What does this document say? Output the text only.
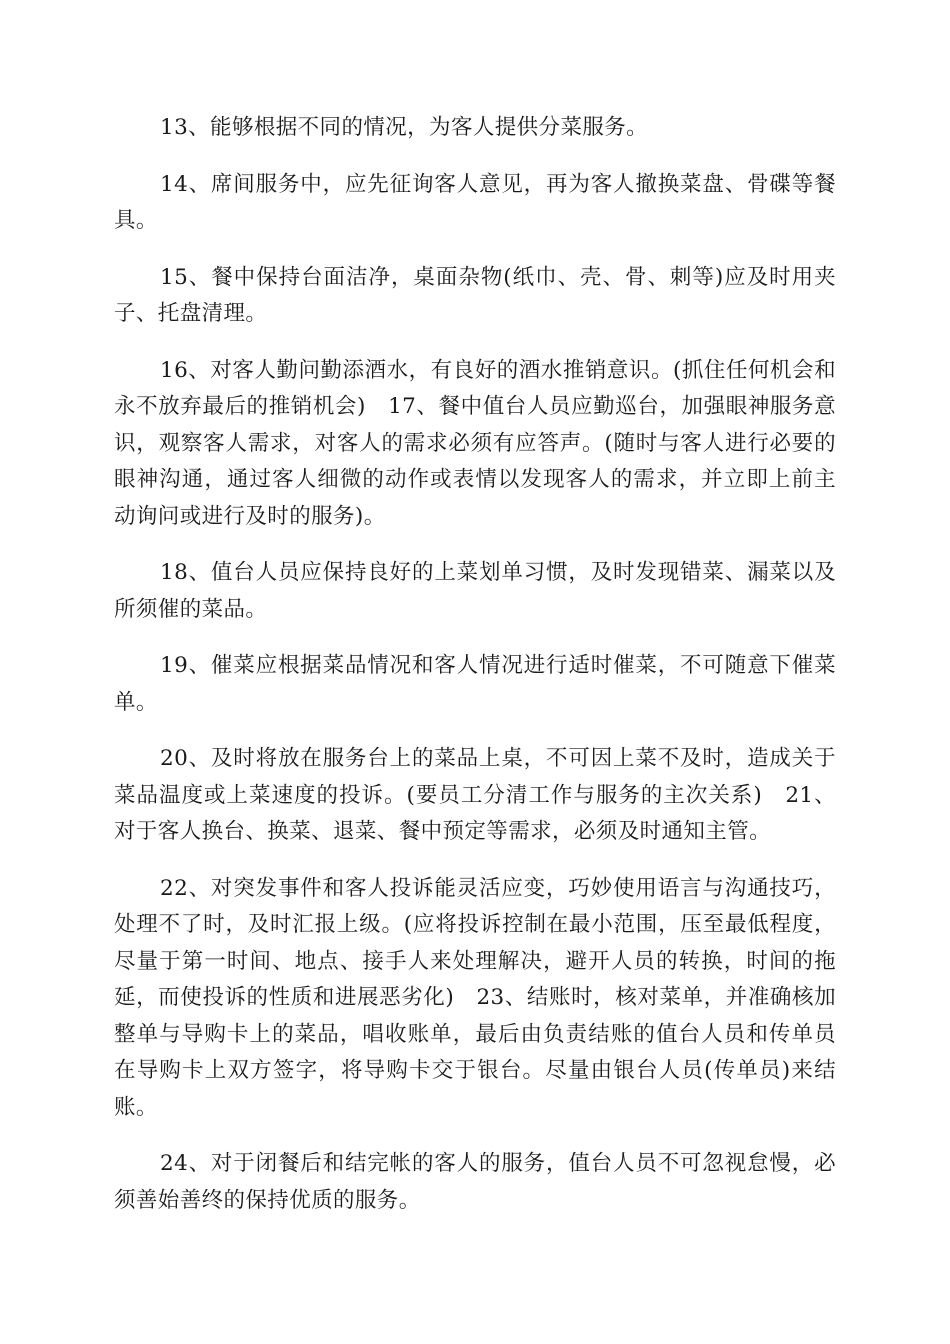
13、能够根据不同的情况，为客人提供分菜服务。

14、席间服务中，应先征询客人意见，再为客人撤换菜盘、骨碟等餐具。

15、餐中保持台面洁净，桌面杂物(纸巾、壳、骨、刺等)应及时用夹子、托盘清理。

16、对客人勤问勤添酒水，有良好的酒水推销意识。(抓住任何机会和永不放弃最后的推销机会)　17、餐中值台人员应勤巡台，加强眼神服务意识，观察客人需求，对客人的需求必须有应答声。(随时与客人进行必要的眼神沟通，通过客人细微的动作或表情以发现客人的需求，并立即上前主动询问或进行及时的服务)。

18、值台人员应保持良好的上菜划单习惯，及时发现错菜、漏菜以及所须催的菜品。

19、催菜应根据菜品情况和客人情况进行适时催菜，不可随意下催菜单。

20、及时将放在服务台上的菜品上桌，不可因上菜不及时，造成关于菜品温度或上菜速度的投诉。(要员工分清工作与服务的主次关系)　21、对于客人换台、换菜、退菜、餐中预定等需求，必须及时通知主管。

22、对突发事件和客人投诉能灵活应变，巧妙使用语言与沟通技巧，处理不了时，及时汇报上级。(应将投诉控制在最小范围，压至最低程度，尽量于第一时间、地点、接手人来处理解决，避开人员的转换，时间的拖延，而使投诉的性质和进展恶劣化)　23、结账时，核对菜单，并准确核加整单与导购卡上的菜品，唱收账单，最后由负责结账的值台人员和传单员在导购卡上双方签字，将导购卡交于银台。尽量由银台人员(传单员)来结账。

24、对于闭餐后和结完帐的客人的服务，值台人员不可忽视怠慢，必须善始善终的保持优质的服务。
